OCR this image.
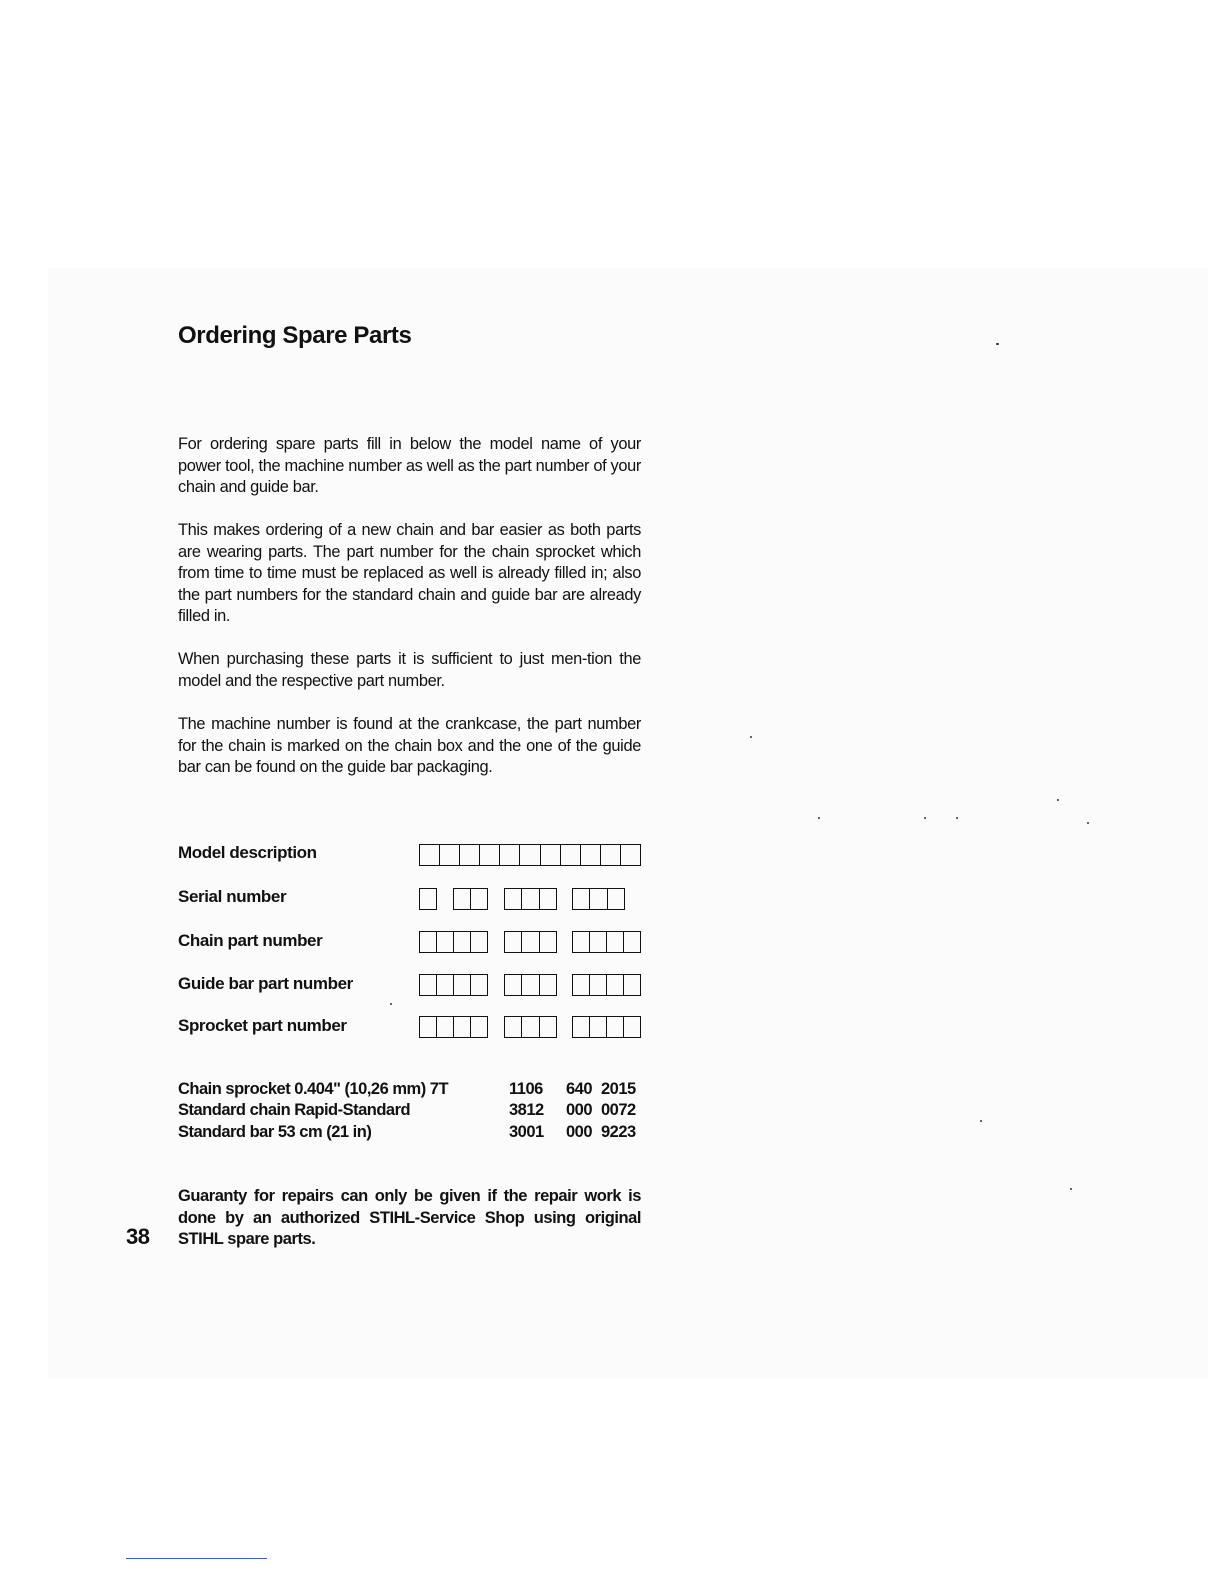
Ordering Spare Parts

For ordering spare parts fill in below the model name of your power tool, the machine number as well as the part number of your chain and guide bar.

This makes ordering of a new chain and bar easier as both parts are wearing parts. The part number for the chain sprocket which from time to time must be replaced as well is already filled in; also the part numbers for the standard chain and guide bar are already filled in.

When purchasing these parts it is sufficient to just men-tion the model and the respective part number.

The machine number is found at the crankcase, the part number for the chain is marked on the chain box and the one of the guide bar can be found on the guide bar packaging.

Model description
Serial number
Chain part number
Guide bar part number
Sprocket part number
Chain sprocket 0.404" (10,26 mm) 7T	1106 640 2015
Standard chain Rapid-Standard	3812 000 0072
Standard bar 53 cm (21 in)	3001 000 9223

Guaranty for repairs can only be given if the repair work is done by an authorized STIHL-Service Shop using original STIHL spare parts.

38
